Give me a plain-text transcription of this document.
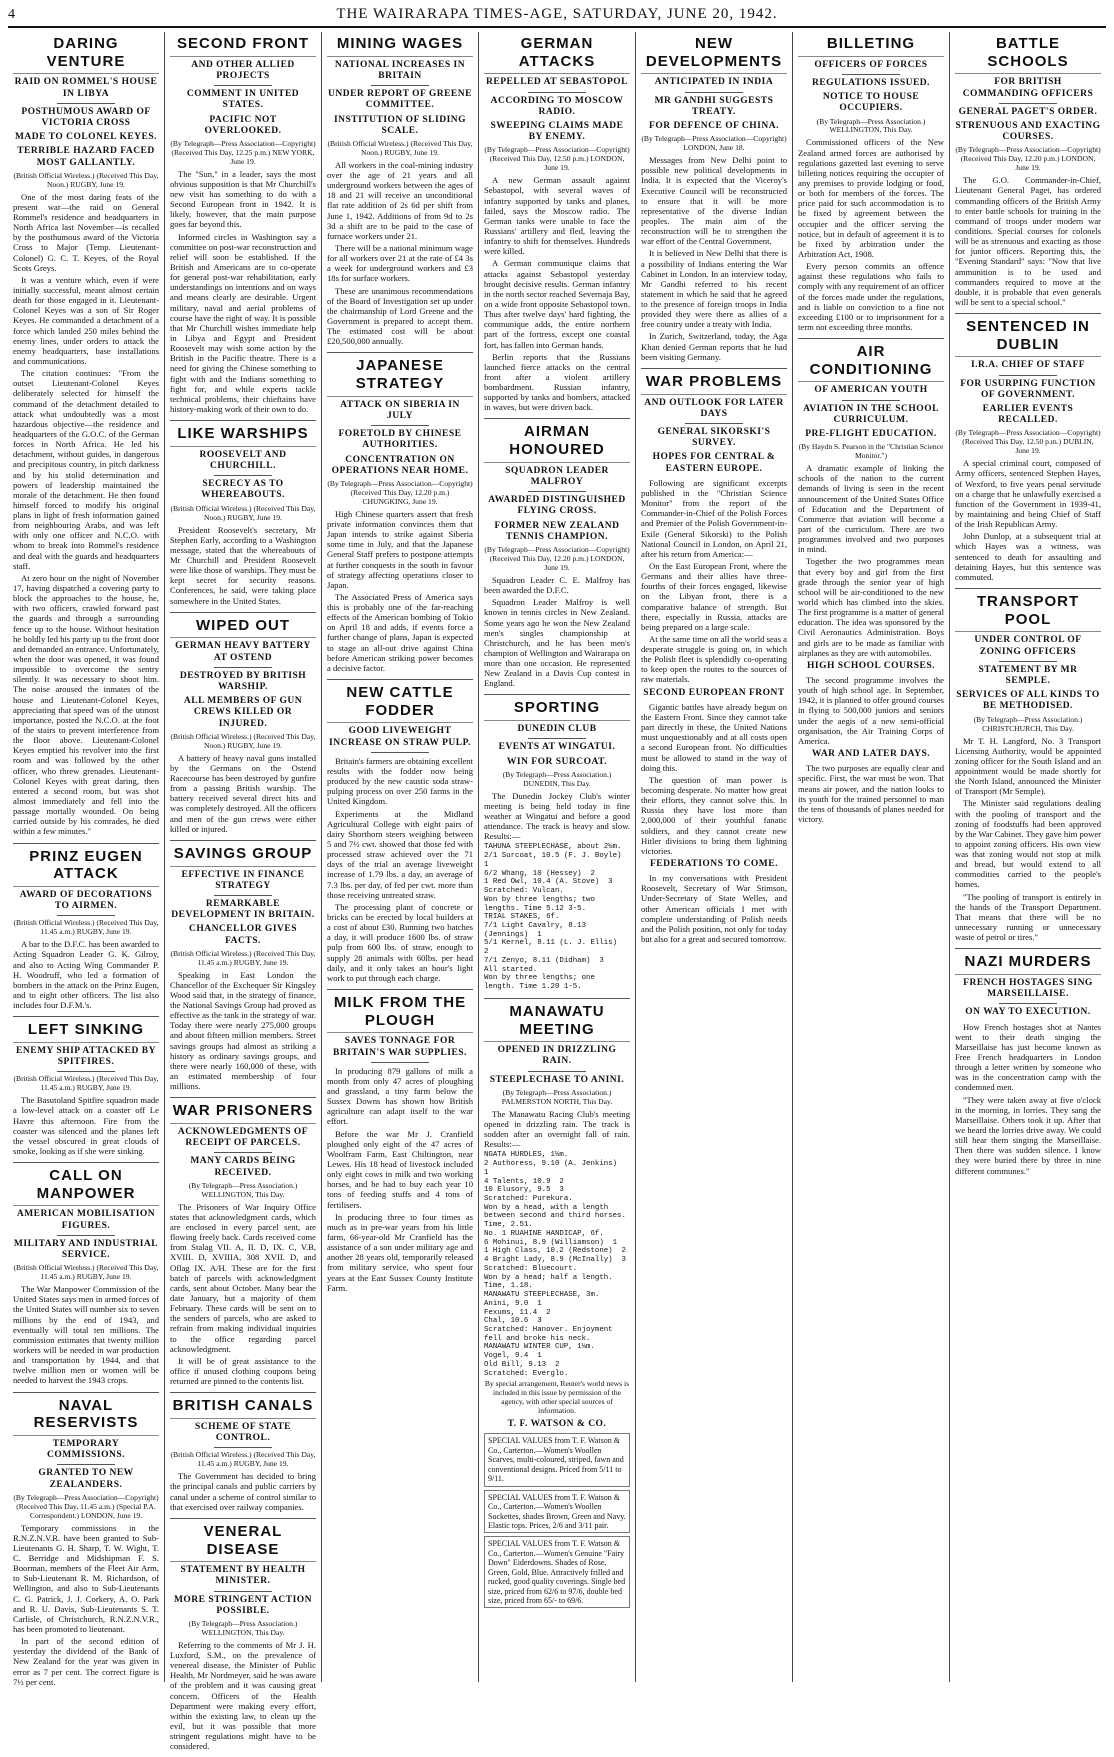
4	THE WAIRARAPA TIMES-AGE, SATURDAY, JUNE 20, 1942.
DARING VENTURE
RAID ON ROMMEL'S HOUSE IN LIBYA
POSTHUMOUS AWARD OF VICTORIA CROSS
MADE TO COLONEL KEYES.
TERRIBLE HAZARD FACED MOST GALLANTLY.
(British Official Wireless.) (Received This Day, Noon.) RUGBY, June 19.

One of the most daring feats of the present war—the raid on General Rommel's residence and headquarters in North Africa last November—is recalled by the posthumous award of the Victoria Cross to Major (Temp. Lieutenant-Colonel) G. C. T. Keyes, of the Royal Scots Greys.

It was a venture which, even if were initially successful, meant almost certain death for those engaged in it. Lieutenant-Colonel Keyes was a son of Sir Roger Keyes. He commanded a detachment of a force which landed 250 miles behind the enemy lines, under orders to attack the enemy headquarters, base installations and communications.

The citation continues: "From the outset Lieutenant-Colonel Keyes deliberately selected for himself the command of the detachment detailed to attack what undoubtedly was a most hazardous objective—the residence and headquarters of the G.O.C. of the German forces in North Africa. He led his detachment, without guides, in dangerous and precipitous country, in pitch darkness and by his stolid determination and powers of leadership maintained the morale of the detachment. He then found himself forced to modify his original plans in light of fresh information gained from neighbouring Arabs, and was left with only one officer and N.C.O. with whom to break into Rommel's residence and deal with the guards and headquarters staff.

At zero hour on the night of November 17, having dispatched a covering party to block the approaches to the house, he, with two officers, crawled forward past the guards and through a surrounding fence up to the house. Without hesitation he boldly led his party up to the front door and demanded an entrance. Unfortunately, when the door was opened, it was found impossible to overcome the sentry silently. It was necessary to shoot him. The noise aroused the inmates of the house and Lieutenant-Colonel Keyes, appreciating that speed was of the utmost importance, posted the N.C.O. at the foot of the stairs to prevent interference from the floor above. Lieutenant-Colonel Keyes emptied his revolver into the first room and was followed by the other officer, who threw grenades. Lieutenant-Colonel Keyes with great daring, then entered a second room, but was shot almost immediately and fell into the passage mortally wounded. On being carried outside by his comrades, he died within a few minutes."

PRINZ EUGEN ATTACK
AWARD OF DECORATIONS TO AIRMEN.
(British Official Wireless.) (Received This Day, 11.45 a.m.) RUGBY, June 19.

A bar to the D.F.C. has been awarded to Acting Squadron Leader G. K. Gilroy, and also to Acting Wing Commander P. H. Woodruff, who led a formation of bombers in the attack on the Prinz Eugen, and to eight other officers. The list also includes four D.F.M.'s.

LEFT SINKING
ENEMY SHIP ATTACKED BY SPITFIRES.
(British Official Wireless.) (Received This Day, 11.45 a.m.) RUGBY, June 19.

The Basutoland Spitfire squadron made a low-level attack on a coaster off Le Havre this afternoon. Fire from the coaster was silenced and the planes left the vessel obscured in great clouds of smoke, looking as if she were sinking.

CALL ON MANPOWER
AMERICAN MOBILISATION FIGURES.
MILITARY AND INDUSTRIAL SERVICE.
(British Official Wireless.) (Received This Day, 11.45 a.m.) RUGBY, June 19.

The War Manpower Commission of the United States says men in armed forces of the United States will number six to seven millions by the end of 1943, and eventually will total ten millions. The commission estimates that twenty million workers will be needed in war production and transportation by 1944, and that twelve million men or women will be needed to harvest the 1943 crops.

NAVAL RESERVISTS
TEMPORARY COMMISSIONS.
GRANTED TO NEW ZEALANDERS.
(By Telegraph—Press Association—Copyright) (Received This Day, 11.45 a.m.) (Special P.A. Correspondent.) LONDON, June 19.

Temporary commissions in the R.N.Z.N.V.R. have been granted to Sub-Lieutenants G. H. Sharp, T. W. Wight, T. C. Berridge and Midshipman F. S. Boorman, members of the Fleet Air Arm, to Sub-Lieutenant R. M. Richardson, of Wellington, and also to Sub-Lieutenants C. G. Patrick, J. J. Corkery, A. O. Park and R. U. Davis, Sub-Lieutenants S. T. Carlisle, of Christchurch, R.N.Z.N.V.R., has been promoted to lieutenant.

In part of the second edition of yesterday the dividend of the Bank of New Zealand for the year was given in error as 7 per cent. The correct figure is 7½ per cent.

SECOND FRONT
AND OTHER ALLIED PROJECTS
COMMENT IN UNITED STATES.
PACIFIC NOT OVERLOOKED.
(By Telegraph—Press Association—Copyright) (Received This Day, 12.25 p.m.) NEW YORK, June 19.

The "Sun," in a leader, says the most obvious supposition is that Mr Churchill's new visit has something to do with a Second European front in 1942. It is likely, however, that the main purpose goes far beyond this.

Informed circles in Washington say a committee on post-war reconstruction and relief will soon be established. If the British and Americans are to co-operate for general post-war rehabilitation, early understandings on intentions and on ways and means clearly are desirable. Urgent military, naval and aerial problems of course have the right of way. It is possible that Mr Churchill wishes immediate help in Libya and Egypt and President Roosevelt may wish some action by the British in the Pacific theatre. There is a need for giving the Chinese something to fight with and the Indians something to fight for, and while experts tackle technical problems, their chieftains have history-making work of their own to do.

LIKE WARSHIPS
ROOSEVELT AND CHURCHILL.
SECRECY AS TO WHEREABOUTS.
(British Official Wireless.) (Received This Day, Noon.) RUGBY, June 19.

President Roosevelt's secretary, Mr Stephen Early, according to a Washington message, stated that the whereabouts of Mr Churchill and President Roosevelt were like those of warships. They must be kept secret for security reasons. Conferences, he said, were taking place somewhere in the United States.

WIPED OUT
GERMAN HEAVY BATTERY AT OSTEND
DESTROYED BY BRITISH WARSHIP.
ALL MEMBERS OF GUN CREWS KILLED OR INJURED.
(British Official Wireless.) (Received This Day, Noon.) RUGBY, June 19.

A battery of heavy naval guns installed by the Germans on the Ostend Racecourse has been destroyed by gunfire from a passing British warship. The battery received several direct hits and was completely destroyed. All the officers and men of the gun crews were either killed or injured.

SAVINGS GROUP
EFFECTIVE IN FINANCE STRATEGY
REMARKABLE DEVELOPMENT IN BRITAIN.
CHANCELLOR GIVES FACTS.
(British Official Wireless.) (Received This Day, 11.45 a.m.) RUGBY, June 19.

Speaking in East London the Chancellor of the Exchequer Sir Kingsley Wood said that, in the strategy of finance, the National Savings Group had proved as effective as the tank in the strategy of war. Today there were nearly 275,000 groups and about fifteen million members. Street savings groups had almost as striking a history as ordinary savings groups, and there were nearly 160,000 of these, with an estimated membership of four millions.

WAR PRISONERS
ACKNOWLEDGMENTS OF RECEIPT OF PARCELS.
MANY CARDS BEING RECEIVED.
(By Telegraph—Press Association.) WELLINGTON, This Day.

The Prisoners of War Inquiry Office states that acknowledgment cards, which are enclosed in every parcel sent, are flowing freely back. Cards received come from Stalag VII. A, II. D, IX. C, V.B, XVIII. D, XVIIIA, 308 XVII. D, and Oflag IX. A/H. These are for the first batch of parcels with acknowledgment cards, sent about October. Many bear the date January, but a majority of them February. These cards will be sent on to the senders of parcels, who are asked to refrain from making individual inquiries to the office regarding parcel acknowledgment.

It will be of great assistance to the office if unused clothing coupons being returned are pinned to the contents list.

BRITISH CANALS
SCHEME OF STATE CONTROL.
(British Official Wireless.) (Received This Day, 11.45 a.m.) RUGBY, June 19.

The Government has decided to bring the principal canals and public carriers by canal under a scheme of control similar to that exercised over railway companies.

VENERAL DISEASE
STATEMENT BY HEALTH MINISTER.
MORE STRINGENT ACTION POSSIBLE.
(By Telegraph—Press Association.) WELLINGTON, This Day.

Referring to the comments of Mr J. H. Luxford, S.M., on the prevalence of venereal disease, the Minister of Public Health, Mr Nordmeyer, said he was aware of the problem and it was causing great concern. Officers of the Health Department were making every effort, within the existing law, to clean up the evil, but it was possible that more stringent regulations might have to be considered.

MINING WAGES
NATIONAL INCREASES IN BRITAIN
UNDER REPORT OF GREENE COMMITTEE.
INSTITUTION OF SLIDING SCALE.
(British Official Wireless.) (Received This Day, Noon.) RUGBY, June 19.

All workers in the coal-mining industry over the age of 21 years and all underground workers between the ages of 18 and 21 will receive an unconditional flat rate addition of 2s 6d per shift from June 1, 1942. Additions of from 9d to 2s 3d a shift are to be paid to the case of furnace workers under 21.

There will be a national minimum wage for all workers over 21 at the rate of £4 3s a week for underground workers and £3 18s for surface workers.

These are unanimous recommendations of the Board of Investigation set up under the chairmanship of Lord Greene and the Government is prepared to accept them. The estimated cost will be about £20,500,000 annually.

JAPANESE STRATEGY
ATTACK ON SIBERIA IN JULY
FORETOLD BY CHINESE AUTHORITIES.
CONCENTRATION ON OPERATIONS NEAR HOME.
(By Telegraph—Press Association—Copyright) (Received This Day, 12.20 p.m.) CHUNGKING, June 19.

High Chinese quarters assert that fresh private information convinces them that Japan intends to strike against Siberia some time in July, and that the Japanese General Staff prefers to postpone attempts at further conquests in the south in favour of strategy affecting operations closer to Japan.

The Associated Press of America says this is probably one of the far-reaching effects of the American bombing of Tokio on April 18 and adds, if events force a further change of plans, Japan is expected to stage an all-out drive against China before American striking power becomes a decisive factor.

NEW CATTLE FODDER
GOOD LIVEWEIGHT INCREASE ON STRAW PULP.

Britain's farmers are obtaining excellent results with the fodder now being produced by the new caustic soda straw-pulping process on over 250 farms in the United Kingdom.

Experiments at the Midland Agricultural College with eight pairs of dairy Shorthorn steers weighing between 5 and 7½ cwt. showed that those fed with processed straw achieved over the 71 days of the trial an average liveweight increase of 1.79 lbs. a day, an average of 7.3 lbs. per day, of fed per cwt. more than those receiving untreated straw.

The processing plant of concrete or bricks can be erected by local builders at a cost of about £30. Running two batches a day, it will produce 1600 lbs. of straw pulp from 600 lbs. of straw, enough to supply 28 animals with 60lbs. per head daily, and it only takes an hour's light work to put through each charge.

MILK FROM THE PLOUGH
SAVES TONNAGE FOR BRITAIN'S WAR SUPPLIES.

In producing 879 gallons of milk a month from only 47 acres of ploughing and grassland, a tiny farm below the Sussex Downs has shown how British agriculture can adapt itself to the war effort.

Before the war Mr J. Cranfield ploughed only eight of the 47 acres of Woolfram Farm, East Chiltington, near Lewes. His 18 head of livestock included only eight cows in milk and two working horses, and he had to buy each year 10 tons of feeding stuffs and 4 tons of fertilisers.

In producing three to four times as much as in pre-war years from his little farm, 66-year-old Mr Cranfield has the assistance of a son under military age and another 28 years old, temporarily released from military service, who spent four years at the East Sussex County Institute Farm.

GERMAN ATTACKS
REPELLED AT SEBASTOPOL
ACCORDING TO MOSCOW RADIO.
SWEEPING CLAIMS MADE BY ENEMY.
(By Telegraph—Press Association—Copyright) (Received This Day, 12.50 p.m.) LONDON, June 19.

A new German assault against Sebastopol, with several waves of infantry supported by tanks and planes, failed, says the Moscow radio. The German tanks were unable to face the Russians' artillery and fled, leaving the infantry to shift for themselves. Hundreds were killed.

A German communique claims that attacks against Sebastopol yesterday brought decisive results. German infantry in the north sector reached Severnaja Bay, on a wide front opposite Sebastopol town. Thus after twelve days' hard fighting, the communique adds, the entire northern part of the fortress, except one coastal fort, has fallen into German hands.

Berlin reports that the Russians launched fierce attacks on the central front after a violent artillery bombardment. Russian infantry, supported by tanks and bombers, attacked in waves, but were driven back.

AIRMAN HONOURED
SQUADRON LEADER MALFROY
AWARDED DISTINGUISHED FLYING CROSS.
FORMER NEW ZEALAND TENNIS CHAMPION.
(By Telegraph—Press Association—Copyright) (Received This Day, 12.20 p.m.) LONDON, June 19.

Squadron Leader C. E. Malfroy has been awarded the D.F.C.

Squadron Leader Malfroy is well known in tennis circles in New Zealand. Some years ago he won the New Zealand men's singles championship at Christchurch, and he has been men's champion of Wellington and Wairarapa on more than one occasion. He represented New Zealand in a Davis Cup contest in England.

SPORTING
DUNEDIN CLUB
EVENTS AT WINGATUI.
WIN FOR SURCOAT.
(By Telegraph—Press Association.) DUNEDIN, This Day.

The Dunedin Jockey Club's winter meeting is being held today in fine weather at Wingatui and before a good attendance. The track is heavy and slow. Results:—

TAHUNA STEEPLECHASE, about 2½m.
2/1 Surcoat, 10.5 (F. J. Boyle)  1
6/2 Whang, 10 (Hessey)  2
1 Red Owl, 10.4 (A. Stove)  3
Scratched: Vulcan.
Won by three lengths; two lengths. Time 5.12 3-5.
TRIAL STAKES, 6f.
7/1 Light Cavalry, 8.13 (Jennings)  1
5/1 Kernel, 8.11 (L. J. Ellis)  2
7/1 Zenyo, 8.11 (Didham)  3
All started.
Won by three lengths; one length. Time 1.20 1-5.
MANAWATU MEETING
OPENED IN DRIZZLING RAIN.
STEEPLECHASE TO ANINI.
(By Telegraph—Press Association.) PALMERSTON NORTH, This Day.

The Manawatu Racing Club's meeting opened in drizzling rain. The track is sodden after an overnight fall of rain. Results:—

NGATA HURDLES, 1½m.
2 Authoress, 9.10 (A. Jenkins)  1
4 Talents, 10.9  2
10 Elusory, 9.5  3
Scratched: Purekura.
Won by a head, with a length between second and third horses. Time, 2.51.
No. 1 RUAHINE HANDICAP, 6f.
6 Mohinui, 8.9 (Williamson)  1
1 High Class, 10.2 (Redstone)  2
4 Bright Lady, 8.9 (McInally)  3
Scratched: Bluecourt.
Won by a head; half a length. Time, 1.18.
MANAWATU STEEPLECHASE, 3m.
Anini, 9.0  1
Fexums, 11.4  2
Chal, 10.6  3
Scratched: Hanover. Enjoyment fell and broke his neck.
MANAWATU WINTER CUP, 1¼m.
Vogel, 9.4  1
Old Bill, 9.13  2
Scratched: Everglo.

By special arrangement, Reuter's world news is included in this issue by permission of the agency, with other special sources of information.

T. F. WATSON & CO.
SPECIAL VALUES from T. F. Watson & Co., Carterton.—Women's Woollen Scarves, multi-coloured, striped, fawn and conventional designs. Priced from 5/11 to 9/11.
SPECIAL VALUES from T. F. Watson & Co., Carterton.—Women's Woollen Sockettes, shades Brown, Green and Navy. Elastic tops. Prices, 2/6 and 3/11 pair.
SPECIAL VALUES from T. F. Watson & Co., Carterton.—Women's Genuine "Fairy Down" Eiderdowns. Shades of Rose, Green, Gold, Blue. Attractively frilled and rucked, good quality coverings. Single bed size, priced from 62/6 to 97/6, double bed size, priced from 65/- to 69/6.
NEW DEVELOPMENTS
ANTICIPATED IN INDIA
MR GANDHI SUGGESTS TREATY.
FOR DEFENCE OF CHINA.
(By Telegraph—Press Association—Copyright) LONDON, June 18.

Messages from New Delhi point to possible new political developments in India. It is expected that the Viceroy's Executive Council will be reconstructed to ensure that it will be more representative of the diverse Indian peoples. The main aim of the reconstruction will be to strengthen the war effort of the Central Government.

It is believed in New Delhi that there is a possibility of Indians entering the War Cabinet in London. In an interview today, Mr Gandhi referred to his recent statement in which he said that he agreed to the presence of foreign troops in India provided they were there as allies of a free country under a treaty with India.

In Zurich, Switzerland, today, the Aga Khan denied German reports that he had been visiting Germany.

WAR PROBLEMS
AND OUTLOOK FOR LATER DAYS
GENERAL SIKORSKI'S SURVEY.
HOPES FOR CENTRAL & EASTERN EUROPE.

Following are significant excerpts published in the "Christian Science Monitor" from the report of the Commander-in-Chief of the Polish Forces and Premier of the Polish Government-in-Exile (General Sikorski) to the Polish National Council in London, on April 21, after his return from America:—

On the East European Front, where the Germans and their allies have three-fourths of their forces engaged, likewise on the Libyan front, there is a comparative balance of strength. But there, especially in Russia, attacks are being prepared on a large scale.

At the same time on all the world seas a desperate struggle is going on, in which the Polish fleet is splendidly co-operating to keep open the routes to the sources of raw materials.

SECOND EUROPEAN FRONT

Gigantic battles have already begun on the Eastern Front. Since they cannot take part directly in these, the United Nations must unquestionably and at all costs open a second European front. No difficulties must be allowed to stand in the way of doing this.

The question of man power is becoming desperate. No matter how great their efforts, they cannot solve this. In Russia they have lost more than 2,000,000 of their youthful fanatic soldiers, and they cannot create new Hitler divisions to bring them lightning victories.

FEDERATIONS TO COME.

In my conversations with President Roosevelt, Secretary of War Stimson, Under-Secretary of State Welles, and other American officials I met with complete understanding of Polish needs and the Polish position, not only for today but also for a great and secured tomorrow.

BILLETING
OFFICERS OF FORCES
REGULATIONS ISSUED.
NOTICE TO HOUSE OCCUPIERS.
(By Telegraph—Press Association.) WELLINGTON, This Day.

Commissioned officers of the New Zealand armed forces are authorised by regulations gazetted last evening to serve billeting notices requiring the occupier of any premises to provide lodging or food, or both for members of the forces. The price paid for such accommodation is to be fixed by agreement between the occupier and the officer serving the notice, but in default of agreement it is to be fixed by arbitration under the Arbitration Act, 1908.

Every person commits an offence against these regulations who fails to comply with any requirement of an officer of the forces made under the regulations, and is liable on conviction to a fine not exceeding £100 or to imprisonment for a term not exceeding three months.

AIR CONDITIONING
OF AMERICAN YOUTH
AVIATION IN THE SCHOOL CURRICULUM.
PRE-FLIGHT EDUCATION.
(By Haydn S. Pearson in the "Christian Science Monitor.")

A dramatic example of linking the schools of the nation to the current demands of living is seen in the recent announcement of the United States Office of Education and the Department of Commerce that aviation will become a part of the curriculum. There are two programmes involved and two purposes in mind.

Together the two programmes mean that every boy and girl from the first grade through the senior year of high school will be air-conditioned to the new world which has climbed into the skies. The first programme is a matter of general education. The idea was sponsored by the Civil Aeronautics Administration. Boys and girls are to be made as familiar with airplanes as they are with automobiles.

HIGH SCHOOL COURSES.

The second programme involves the youth of high school age. In September, 1942, it is planned to offer ground courses in flying to 500,000 juniors and seniors under the aegis of a new semi-official organisation, the Air Training Corps of America.

WAR AND LATER DAYS.

The two purposes are equally clear and specific. First, the war must be won. That means air power, and the nation looks to its youth for the trained personnel to man the tens of thousands of planes needed for victory.

BATTLE SCHOOLS
FOR BRITISH COMMANDING OFFICERS
GENERAL PAGET'S ORDER.
STRENUOUS AND EXACTING COURSES.
(By Telegraph—Press Association—Copyright) (Received This Day, 12.20 p.m.) LONDON, June 19.

The G.O. Commander-in-Chief, Lieutenant General Paget, has ordered commanding officers of the British Army to enter battle schools for training in the command of troops under modern war conditions. Special courses for colonels will be as strenuous and exacting as those for junior officers. Reporting this, the "Evening Standard" says: "Now that live ammunition is to be used and commanders required to move at the double, it is probable that even generals will be sent to a special school."

SENTENCED IN DUBLIN
I.R.A. CHIEF OF STAFF
FOR USURPING FUNCTION OF GOVERNMENT.
EARLIER EVENTS RECALLED.
(By Telegraph—Press Association—Copyright) (Received This Day, 12.50 p.m.) DUBLIN, June 19.

A special criminal court, composed of Army officers, sentenced Stephen Hayes, of Wexford, to five years penal servitude on a charge that he unlawfully exercised a function of the Government in 1939-41, by maintaining and being Chief of Staff of the Irish Republican Army.

John Dunlop, at a subsequent trial at which Hayes was a witness, was sentenced to death for assaulting and detaining Hayes, but this sentence was commuted.

TRANSPORT POOL
UNDER CONTROL OF ZONING OFFICERS
STATEMENT BY MR SEMPLE.
SERVICES OF ALL KINDS TO BE METHODISED.
(By Telegraph—Press Association.) CHRISTCHURCH, This Day.

Mr T. H. Langford, No. 3 Transport Licensing Authority, would be appointed zoning officer for the South Island and an appointment would be made shortly for the North Island, announced the Minister of Transport (Mr Semple).

The Minister said regulations dealing with the pooling of transport and the zoning of foodstuffs had been approved by the War Cabinet. They gave him power to appoint zoning officers. His own view was that zoning would not stop at milk and bread, but would extend to all commodities carried to the people's homes.

"The pooling of transport is entirely in the hands of the Transport Department. That means that there will be no unnecessary running or unnecessary waste of petrol or tires."

NAZI MURDERS
FRENCH HOSTAGES SING MARSEILLAISE.
ON WAY TO EXECUTION.

How French hostages shot at Nantes went to their death singing the Marseillaise has just become known as Free French headquarters in London through a letter written by someone who was in the concentration camp with the condemned men.

"They were taken away at five o'clock in the morning, in lorries. They sang the Marseillaise. Others took it up. After that we heard the lorries drive away. We could still hear them singing the Marseillaise. Then there was sudden silence. I know they were buried there by three in nine different communes."
